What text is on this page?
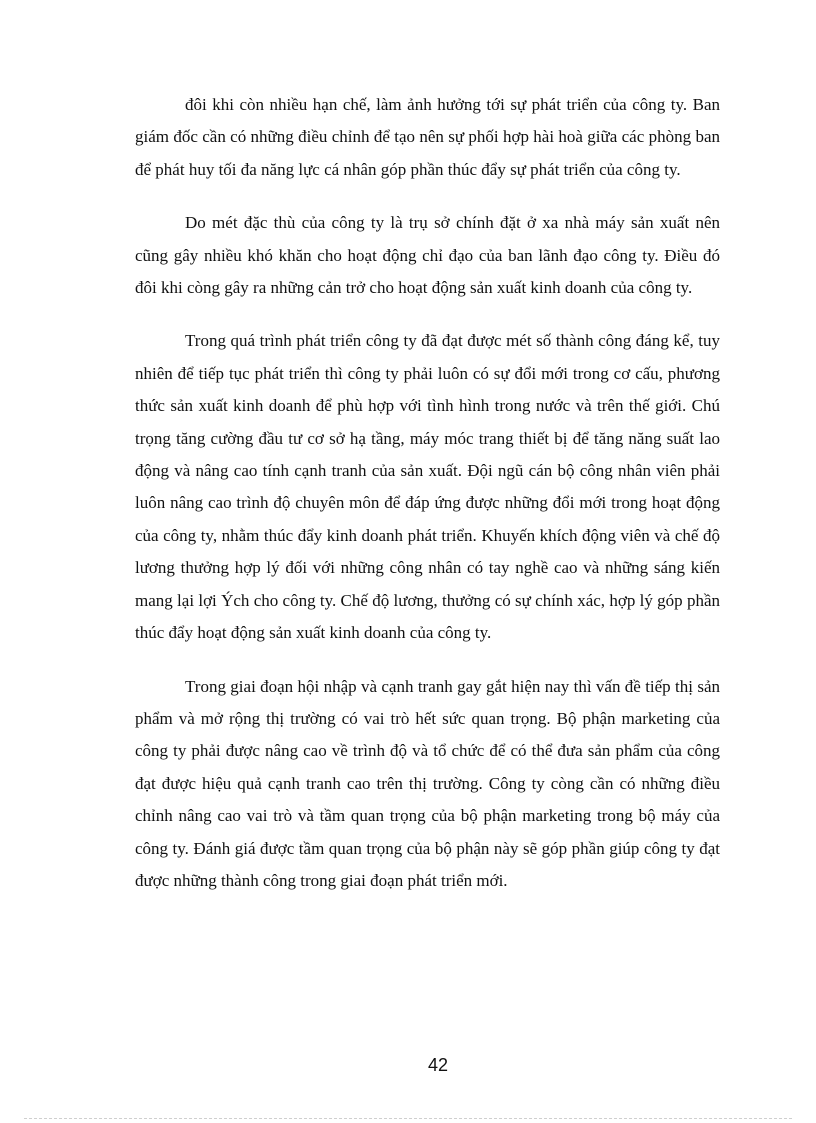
đôi khi còn nhiều hạn chế, làm ảnh hưởng tới sự phát triển của công ty. Ban giám đốc cần có những điều chỉnh để tạo nên sự phối hợp hài hoà giữa các phòng ban để phát huy tối đa năng lực cá nhân góp phần thúc đẩy sự phát triển của công ty.

Do mét đặc thù của công ty là trụ sở chính đặt ở xa nhà máy sản xuất nên cũng gây nhiều khó khăn cho hoạt động chỉ đạo của ban lãnh đạo công ty. Điều đó đôi khi còng gây ra những cản trở cho hoạt động sản xuất kinh doanh của công ty.

Trong quá trình phát triển công ty đã đạt được mét số thành công đáng kể, tuy nhiên để tiếp tục phát triển thì công ty phải luôn có sự đổi mới trong cơ cấu, phương thức sản xuất kinh doanh để phù hợp với tình hình trong nước và trên thế giới. Chú trọng tăng cường đầu tư cơ sở hạ tầng, máy móc trang thiết bị để tăng năng suất lao động và nâng cao tính cạnh tranh của sản xuất. Đội ngũ cán bộ công nhân viên phải luôn nâng cao trình độ chuyên môn để đáp ứng được những đổi mới trong hoạt động của công ty, nhằm thúc đẩy kinh doanh phát triển. Khuyến khích động viên và chế độ lương thưởng hợp lý đối với những công nhân có tay nghề cao và những sáng kiến mang lại lợi Ých cho công ty. Chế độ lương, thưởng có sự chính xác, hợp lý góp phần thúc đẩy hoạt động sản xuất kinh doanh của công ty.

Trong giai đoạn hội nhập và cạnh tranh gay gắt hiện nay thì vấn đề tiếp thị sản phẩm và mở rộng thị trường có vai trò hết sức quan trọng. Bộ phận marketing của công ty phải được nâng cao về trình độ và tổ chức để có thể đưa sản phẩm của công đạt được hiệu quả cạnh tranh cao trên thị trường. Công ty còng cần có những điều chỉnh nâng cao vai trò và tầm quan trọng của bộ phận marketing trong bộ máy của công ty. Đánh giá được tầm quan trọng của bộ phận này sẽ góp phần giúp công ty đạt được những thành công trong giai đoạn phát triển mới.

42
